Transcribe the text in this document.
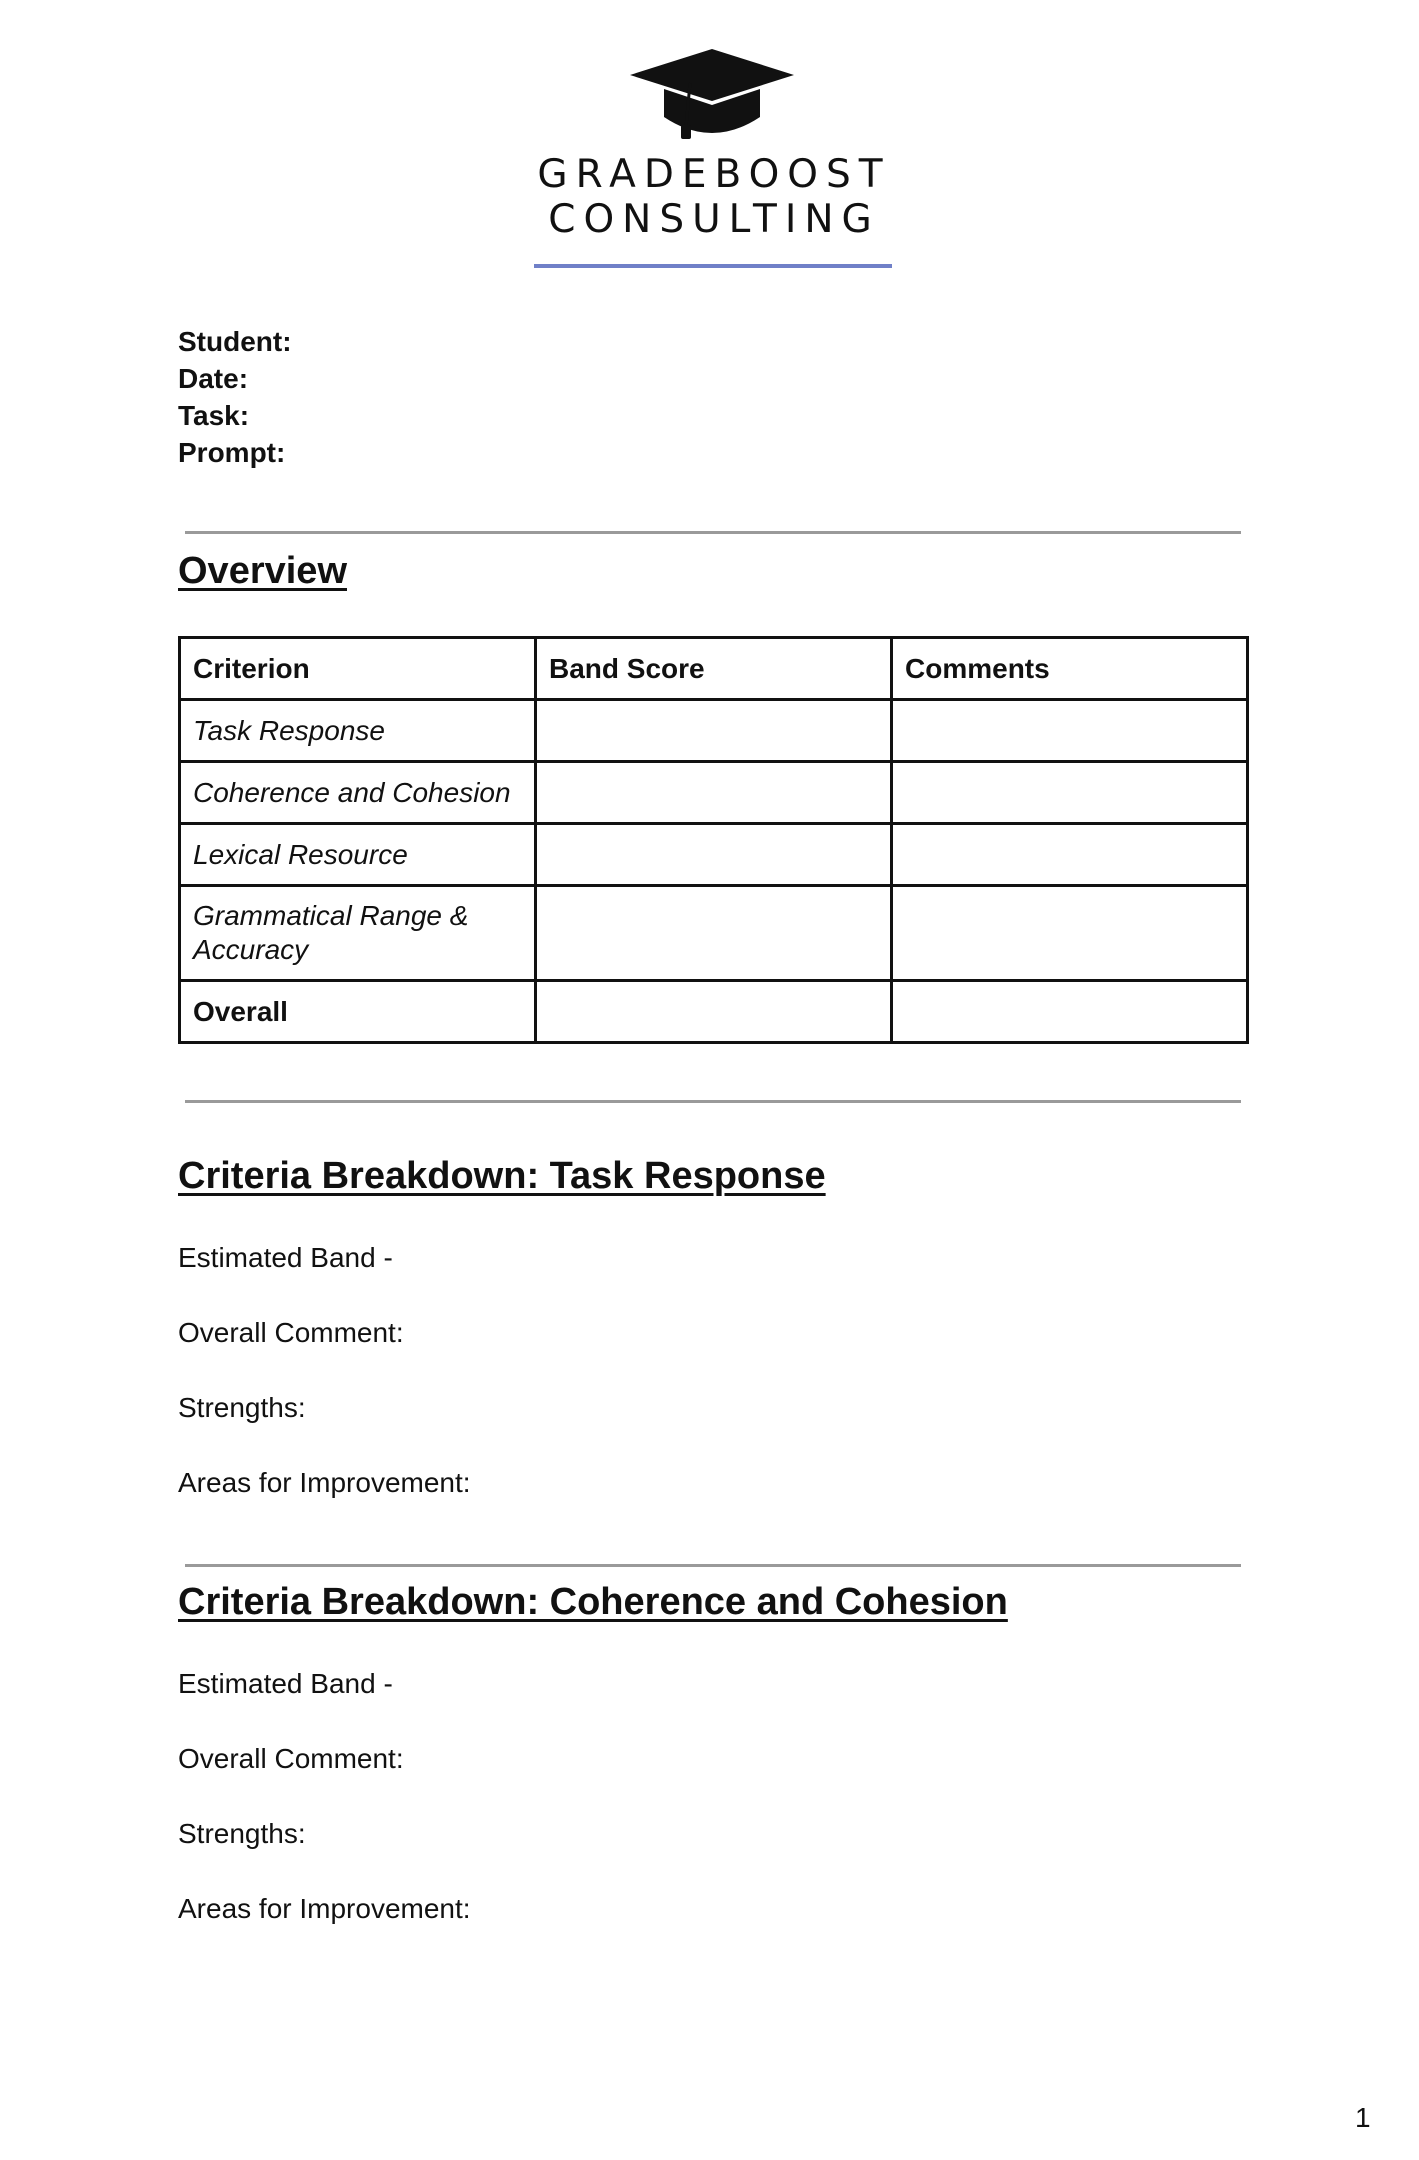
GRADEBOOST
CONSULTING
Student:
Date:
Task:
Prompt:
Overview
Criterion	Band Score	Comments
Task Response		
Coherence and Cohesion		
Lexical Resource		
Grammatical Range & Accuracy		
Overall		
Criteria Breakdown: Task Response
Estimated Band -
Overall Comment:
Strengths:
Areas for Improvement:
Criteria Breakdown: Coherence and Cohesion
Estimated Band -
Overall Comment:
Strengths:
Areas for Improvement:
1
